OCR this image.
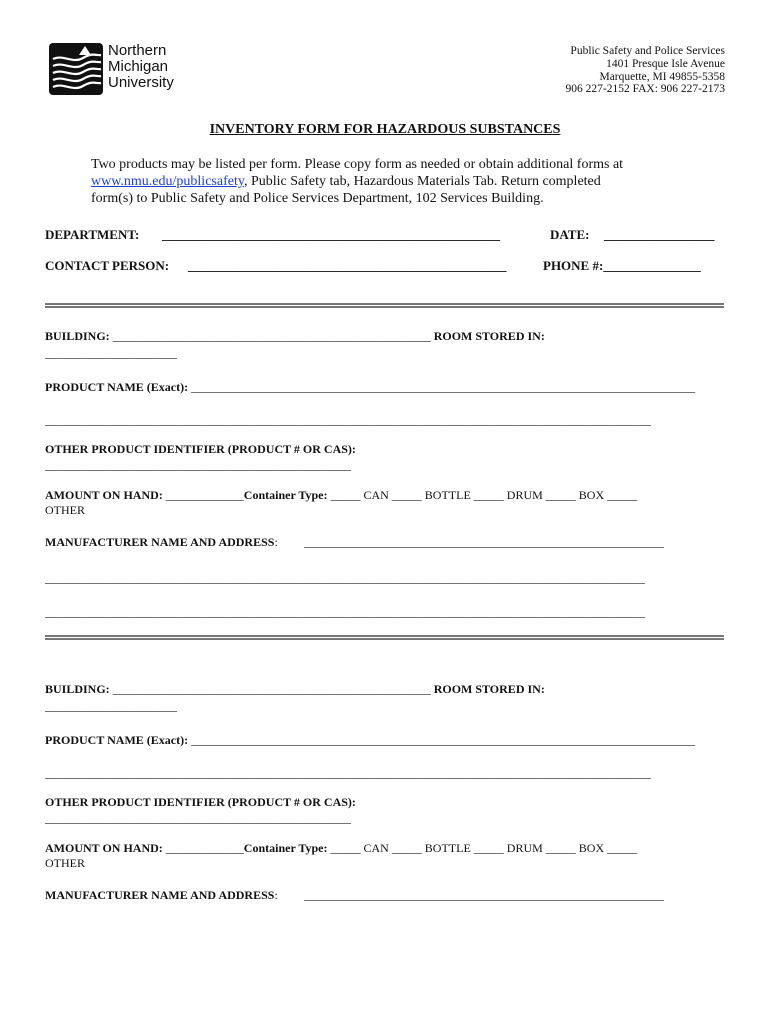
Northern
Michigan
University
Public Safety and Police Services
1401 Presque Isle Avenue
Marquette, MI 49855-5358
906 227-2152 FAX: 906 227-2173
INVENTORY FORM FOR HAZARDOUS SUBSTANCES
Two products may be listed per form. Please copy form as needed or obtain additional forms at
www.nmu.edu/publicsafety, Public Safety tab, Hazardous Materials Tab. Return completed
form(s) to Public Safety and Police Services Department, 102 Services Building.
DEPARTMENT: ____________________________________________________	DATE: _________________
CONTACT PERSON: _________________________________________________	PHONE #:_______________
BUILDING: _____________________________________________________ ROOM STORED IN:
______________________
PRODUCT NAME (Exact): ____________________________________________________________________________________
_____________________________________________________________________________________________________
OTHER PRODUCT IDENTIFIER (PRODUCT # OR CAS):
___________________________________________________
AMOUNT ON HAND: _____________Container Type: _____ CAN _____ BOTTLE _____ DRUM _____ BOX _____
OTHER
MANUFACTURER NAME AND ADDRESS: ____________________________________________________________
____________________________________________________________________________________________________
____________________________________________________________________________________________________
BUILDING: _____________________________________________________ ROOM STORED IN:
______________________
PRODUCT NAME (Exact): ____________________________________________________________________________________
_____________________________________________________________________________________________________
OTHER PRODUCT IDENTIFIER (PRODUCT # OR CAS):
___________________________________________________
AMOUNT ON HAND: _____________Container Type: _____ CAN _____ BOTTLE _____ DRUM _____ BOX _____
OTHER
MANUFACTURER NAME AND ADDRESS: ____________________________________________________________
